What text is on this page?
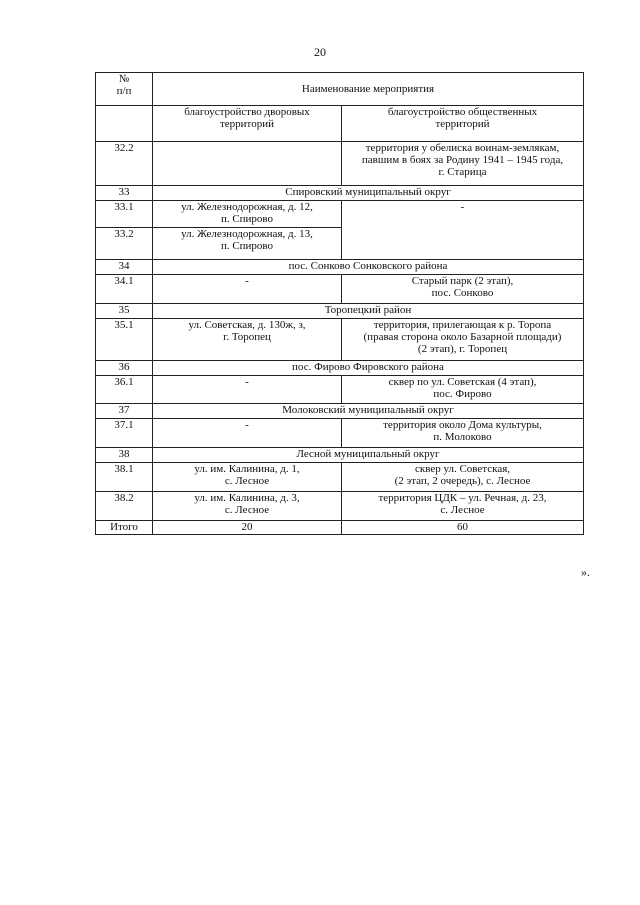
20
№
п/п	Наименование мероприятия	
	благоустройство дворовых
территорий	благоустройство общественных
территорий
32.2		территория у обелиска воинам-землякам,
павшим в боях за Родину 1941 – 1945 года,
г. Старица
33	Спировский муниципальный округ	
33.1	ул. Железнодорожная, д. 12,
п. Спирово	-
33.2	ул. Железнодорожная, д. 13,
п. Спирово	
34	пос. Сонково Сонковского района	
34.1	-	Старый парк (2 этап),
пос. Сонково
35	Торопецкий район	
35.1	ул. Советская, д. 130ж, з,
г. Торопец	территория, прилегающая к р. Торопа
(правая сторона около Базарной площади)
(2 этап), г. Торопец
36	пос. Фирово Фировского района	
36.1	-	сквер по ул. Советская (4 этап),
пос. Фирово
37	Молоковский муниципальный округ	
37.1	-	территория около Дома культуры,
п. Молоково
38	Лесной муниципальный округ	
38.1	ул. им. Калинина, д. 1,
с. Лесное	сквер ул. Советская,
(2 этап, 2 очередь), с. Лесное
38.2	ул. им. Калинина, д. 3,
с. Лесное	территория ЦДК – ул. Речная, д. 23,
с. Лесное
Итого	20	60
».
